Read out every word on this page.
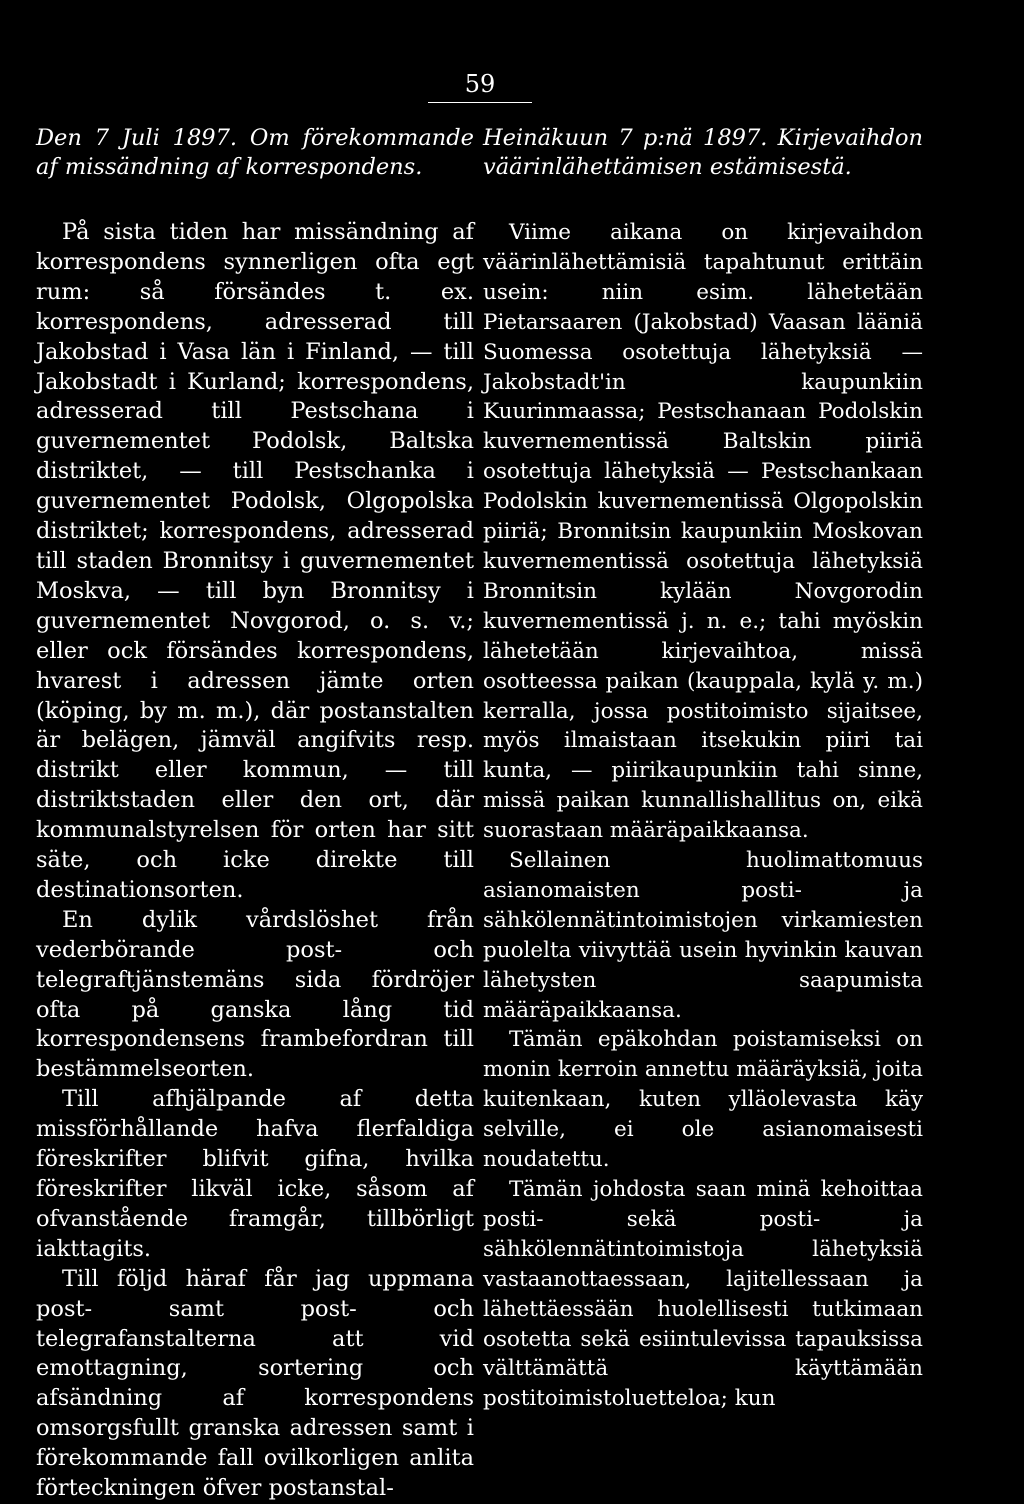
59

Den 7 Juli 1897. Om förekommande af missändning af korrespondens.

På sista tiden har missändning af korrespondens synnerligen ofta egt rum: så försändes t. ex. korrespondens, adresserad till Jakobstad i Vasa län i Finland, — till Jakobstadt i Kurland; korrespondens, adresserad till Pestschana i guvernementet Podolsk, Baltska distriktet, — till Pestschanka i guvernementet Podolsk, Olgopolska distriktet; korrespondens, adresserad till staden Bronnitsy i guvernementet Moskva, — till byn Bronnitsy i guvernementet Novgorod, o. s. v.; eller ock försändes korrespondens, hvarest i adressen jämte orten (köping, by m. m.), där postanstalten är belägen, jämväl angifvits resp. distrikt eller kommun, — till distriktstaden eller den ort, där kommunalstyrelsen för orten har sitt säte, och icke direkte till destinationsorten.

En dylik vårdslöshet från vederbörande post- och telegraftjänstemäns sida fördröjer ofta på ganska lång tid korrespondensens frambefordran till bestämmelseorten.

Till afhjälpande af detta missförhållande hafva flerfaldiga föreskrifter blifvit gifna, hvilka föreskrifter likväl icke, såsom af ofvanstående framgår, tillbörligt iakttagits.

Till följd häraf får jag uppmana post- samt post- och telegrafanstalterna att vid emottagning, sortering och afsändning af korrespondens omsorgsfullt granska adressen samt i förekommande fall ovilkorligen anlita förteckningen öfver postanstal-

Heinäkuun 7 p:nä 1897. Kirjevaihdon väärinlähettämisen estämisestä.

Viime aikana on kirjevaihdon väärinlähettämisiä tapahtunut erittäin usein: niin esim. lähetetään Pietarsaaren (Jakobstad) Vaasan lääniä Suomessa osotettuja lähetyksiä — Jakobstadt'in kaupunkiin Kuurinmaassa; Pestschanaan Podolskin kuvernementissä Baltskin piiriä osotettuja lähetyksiä — Pestschankaan Podolskin kuvernementissä Olgopolskin piiriä; Bronnitsin kaupunkiin Moskovan kuvernementissä osotettuja lähetyksiä Bronnitsin kylään Novgorodin kuvernementissä j. n. e.; tahi myöskin lähetetään kirjevaihtoa, missä osotteessa paikan (kauppala, kylä y. m.) kerralla, jossa postitoimisto sijaitsee, myös ilmaistaan itsekukin piiri tai kunta, — piirikaupunkiin tahi sinne, missä paikan kunnallishallitus on, eikä suorastaan määräpaikkaansa.

Sellainen huolimattomuus asianomaisten posti- ja sähkölennätintoimistojen virkamiesten puolelta viivyttää usein hyvinkin kauvan lähetysten saapumista määräpaikkaansa.

Tämän epäkohdan poistamiseksi on monin kerroin annettu määräyksiä, joita kuitenkaan, kuten ylläolevasta käy selville, ei ole asianomaisesti noudatettu.

Tämän johdosta saan minä kehoittaa posti- sekä posti- ja sähkölennätintoimistoja lähetyksiä vastaanottaessaan, lajitellessaan ja lähettäessään huolellisesti tutkimaan osotetta sekä esiintulevissa tapauksissa välttämättä käyttämään postitoimistoluetteloa; kun
